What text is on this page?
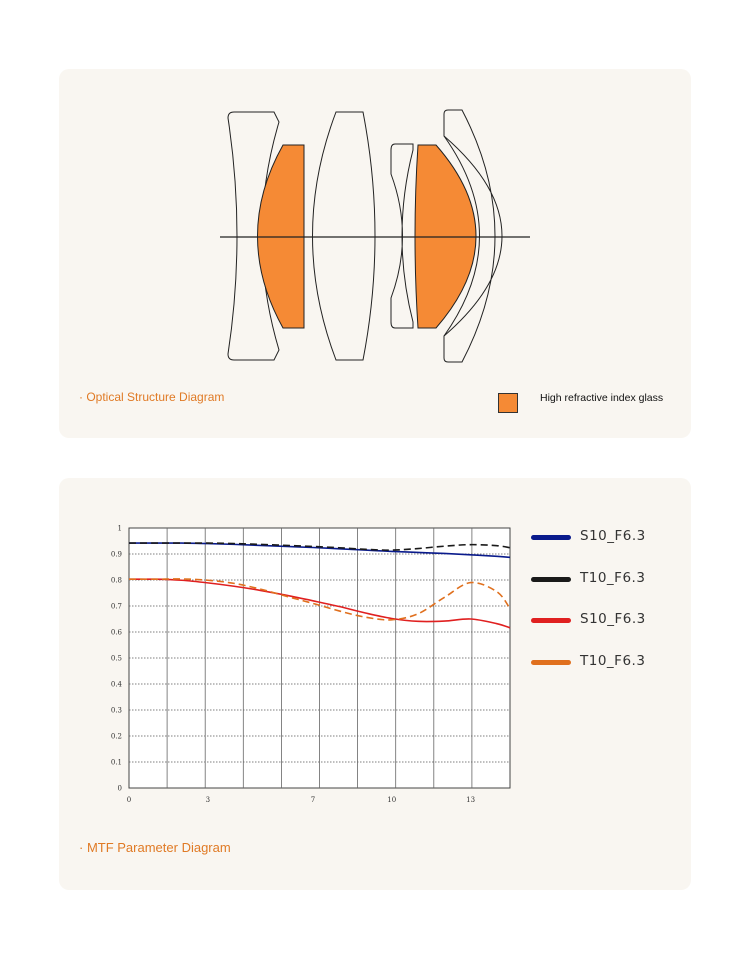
· Optical Structure Diagram	High refractive index glass
0
0.1
0.2
0.3
0.4
0.5
0.6
0.7
0.8
0.9
1
0	3	7	10	13
S10_F6.3
T10_F6.3
S10_F6.3
T10_F6.3
· MTF Parameter Diagram
